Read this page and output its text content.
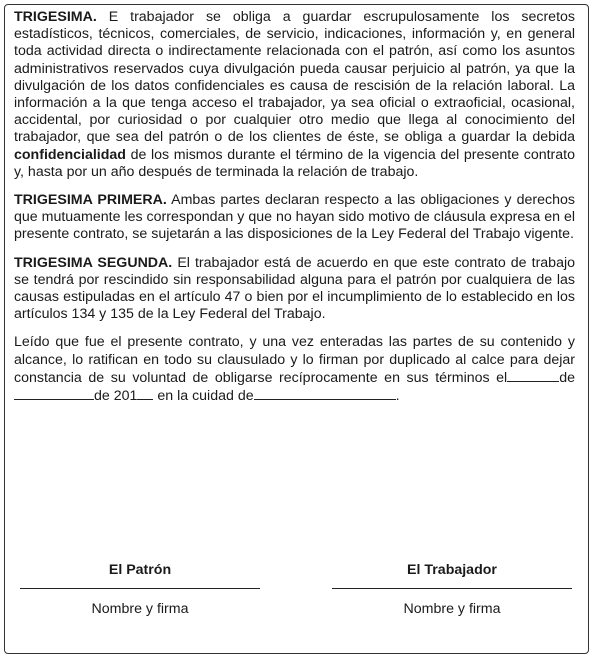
TRIGESIMA. E trabajador se obliga a guardar escrupulosamente los secretos estadísticos, técnicos, comerciales, de servicio, indicaciones, información y, en general toda actividad directa o indirectamente relacionada con el patrón, así como los asuntos administrativos reservados cuya divulgación pueda causar perjuicio al patrón, ya que la divulgación de los datos confidenciales es causa de rescisión de la relación laboral. La información a la que tenga acceso el trabajador, ya sea oficial o extraoficial, ocasional, accidental, por curiosidad o por cualquier otro medio que llega al conocimiento del trabajador, que sea del patrón o de los clientes de éste, se obliga a guardar la debida confidencialidad de los mismos durante el término de la vigencia del presente contrato y, hasta por un año después de terminada la relación de trabajo.

TRIGESIMA PRIMERA. Ambas partes declaran respecto a las obligaciones y derechos que mutuamente les correspondan y que no hayan sido motivo de cláusula expresa en el presente contrato, se sujetarán a las disposiciones de la Ley Federal del Trabajo vigente.

TRIGESIMA SEGUNDA. El trabajador está de acuerdo en que este contrato de trabajo se tendrá por rescindido sin responsabilidad alguna para el patrón por cualquiera de las causas estipuladas en el artículo 47 o bien por el incumplimiento de lo establecido en los artículos 134 y 135 de la Ley Federal del Trabajo.

Leído que fue el presente contrato, y una vez enteradas las partes de su contenido y alcance, lo ratifican en todo su clausulado y lo firman por duplicado al calce para dejar constancia de su voluntad de obligarse recíprocamente en sus términos el	dede 201 en la cuidad de	.

El Patrón
Nombre y firma
El Trabajador
Nombre y firma
